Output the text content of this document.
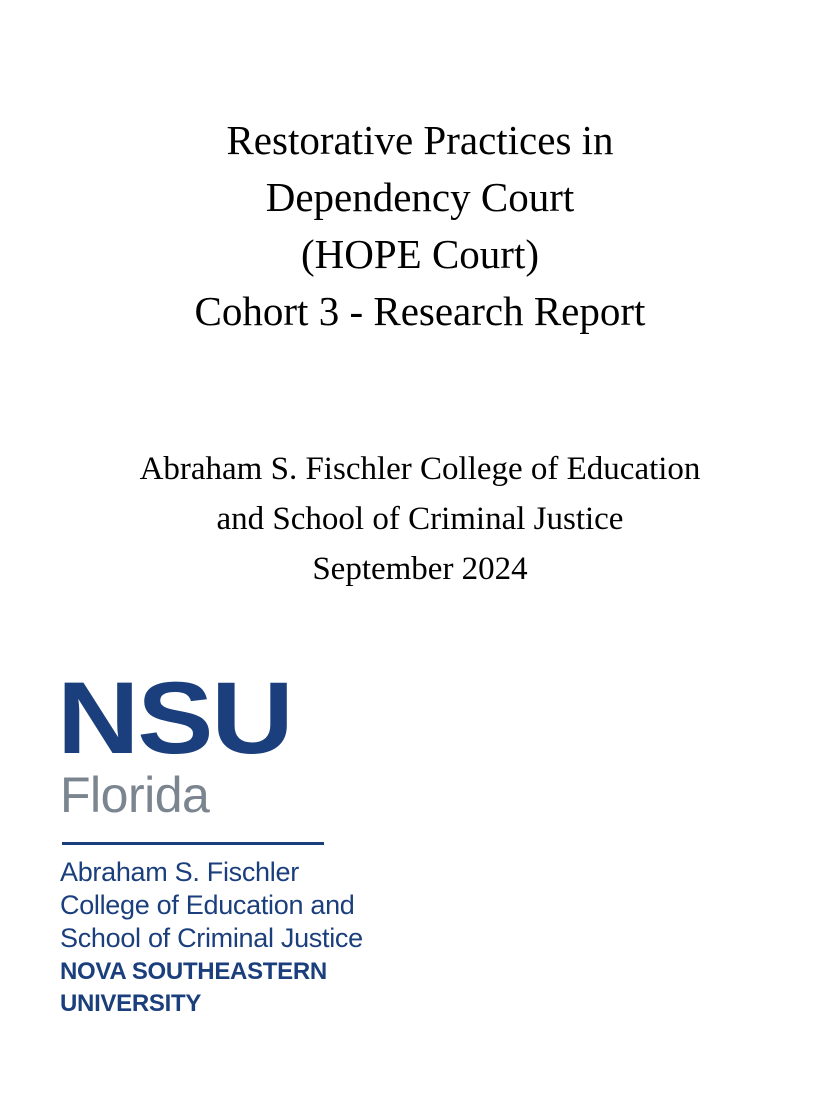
Restorative Practices in
Dependency Court
(HOPE Court)
Cohort 3 - Research Report
Abraham S. Fischler College of Education
and School of Criminal Justice
September 2024
NSU
Florida
Abraham S. Fischler
College of Education and
School of Criminal Justice
NOVA SOUTHEASTERN
UNIVERSITY
